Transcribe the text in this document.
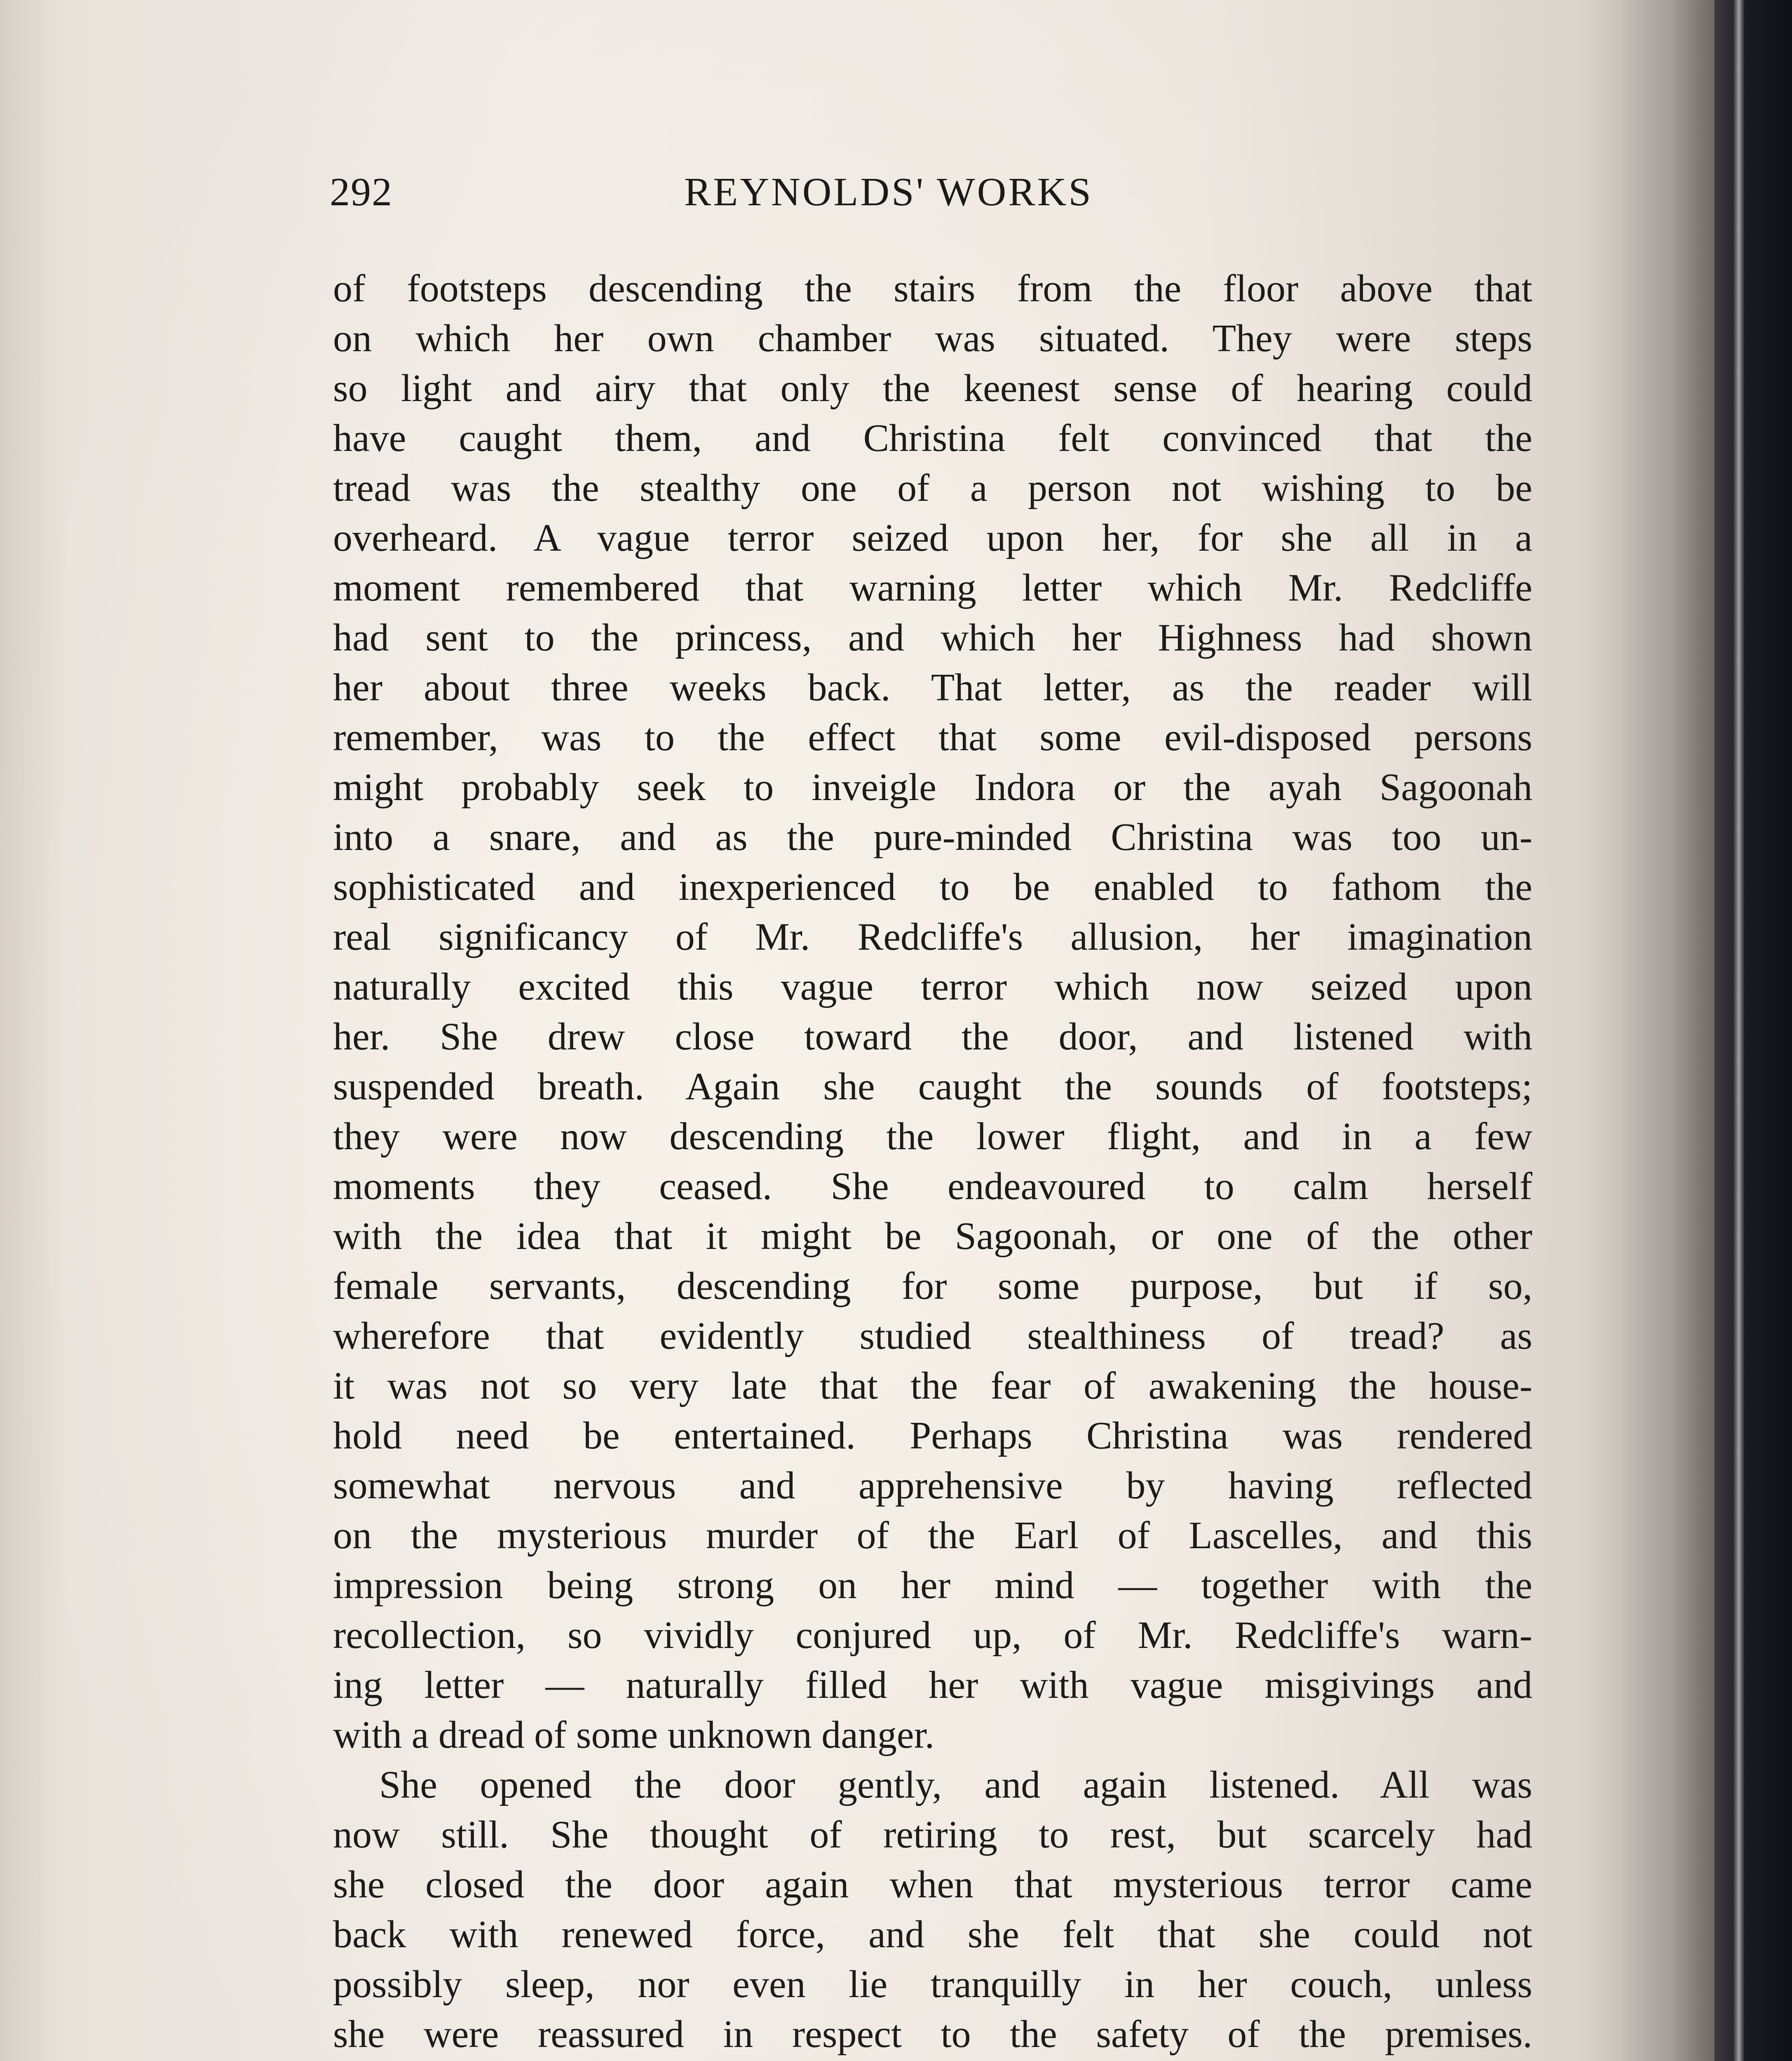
292	REYNOLDS' WORKS

of footsteps descending the stairs from the floor above that
on which her own chamber was situated. They were steps
so light and airy that only the keenest sense of hearing could
have caught them, and Christina felt convinced that the
tread was the stealthy one of a person not wishing to be
overheard. A vague terror seized upon her, for she all in a
moment remembered that warning letter which Mr. Redcliffe
had sent to the princess, and which her Highness had shown
her about three weeks back. That letter, as the reader will
remember, was to the effect that some evil-disposed persons
might probably seek to inveigle Indora or the ayah Sagoonah
into a snare, and as the pure-minded Christina was too un-
sophisticated and inexperienced to be enabled to fathom the
real significancy of Mr. Redcliffe's allusion, her imagination
naturally excited this vague terror which now seized upon
her. She drew close toward the door, and listened with
suspended breath. Again she caught the sounds of footsteps;
they were now descending the lower flight, and in a few
moments they ceased. She endeavoured to calm herself
with the idea that it might be Sagoonah, or one of the other
female servants, descending for some purpose, but if so,
wherefore that evidently studied stealthiness of tread? as
it was not so very late that the fear of awakening the house-
hold need be entertained. Perhaps Christina was rendered
somewhat nervous and apprehensive by having reflected
on the mysterious murder of the Earl of Lascelles, and this
impression being strong on her mind — together with the
recollection, so vividly conjured up, of Mr. Redcliffe's warn-
ing letter — naturally filled her with vague misgivings and
with a dread of some unknown danger.

She opened the door gently, and again listened. All was
now still. She thought of retiring to rest, but scarcely had
she closed the door again when that mysterious terror came
back with renewed force, and she felt that she could not
possibly sleep, nor even lie tranquilly in her couch, unless
she were reassured in respect to the safety of the premises.
